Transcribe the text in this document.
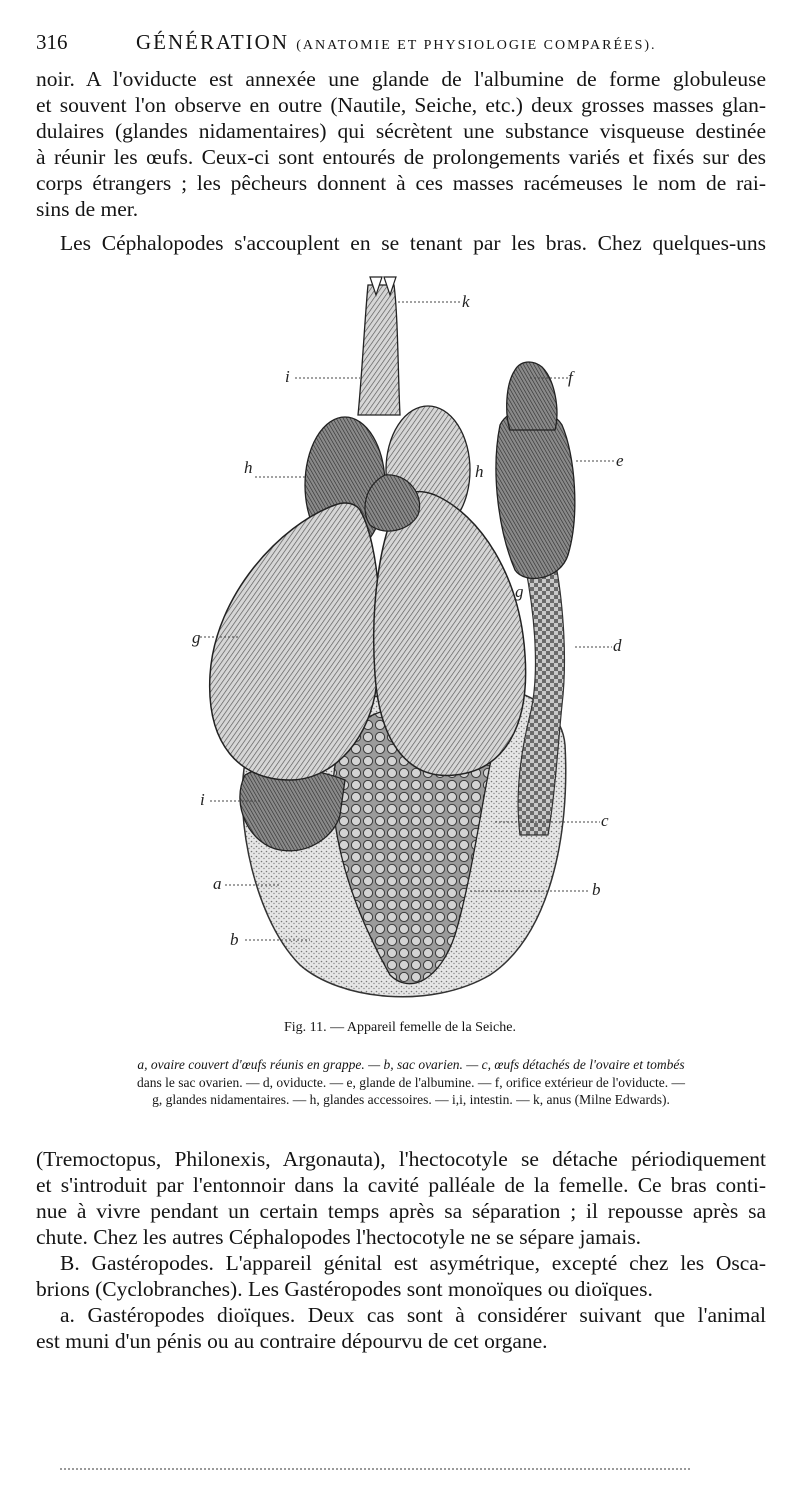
316	GÉNÉRATION (ANATOMIE ET PHYSIOLOGIE COMPARÉES).

noir. A l'oviducte est annexée une glande de l'albumine de forme globuleuse
et souvent l'on observe en outre (Nautile, Seiche, etc.) deux grosses masses glan-
dulaires (glandes nidamentaires) qui sécrètent une substance visqueuse destinée
à réunir les œufs. Ceux-ci sont entourés de prolongements variés et fixés sur des
corps étrangers ; les pêcheurs donnent à ces masses racémeuses le nom de rai-
sins de mer.

Les Céphalopodes s'accouplent en se tenant par les bras. Chez quelques-uns

k
i	f
h	h
e
g
g
d
i
c
a	b
b
Fig. 11. — Appareil femelle de la Seiche.
a, ovaire couvert d'œufs réunis en grappe. — b, sac ovarien. — c, œufs détachés de l'ovaire et tombés
dans le sac ovarien. — d, oviducte. — e, glande de l'albumine. — f, orifice extérieur de l'oviducte. —
g, glandes nidamentaires. — h, glandes accessoires. — i,i, intestin. — k, anus (Milne Edwards).

(Tremoctopus, Philonexis, Argonauta), l'hectocotyle se détache périodiquement
et s'introduit par l'entonnoir dans la cavité palléale de la femelle. Ce bras conti-
nue à vivre pendant un certain temps après sa séparation ; il repousse après sa
chute. Chez les autres Céphalopodes l'hectocotyle ne se sépare jamais.
B. Gastéropodes. L'appareil génital est asymétrique, excepté chez les Osca-
brions (Cyclobranches). Les Gastéropodes sont monoïques ou dioïques.
a. Gastéropodes dioïques. Deux cas sont à considérer suivant que l'animal
est muni d'un pénis ou au contraire dépourvu de cet organe.
